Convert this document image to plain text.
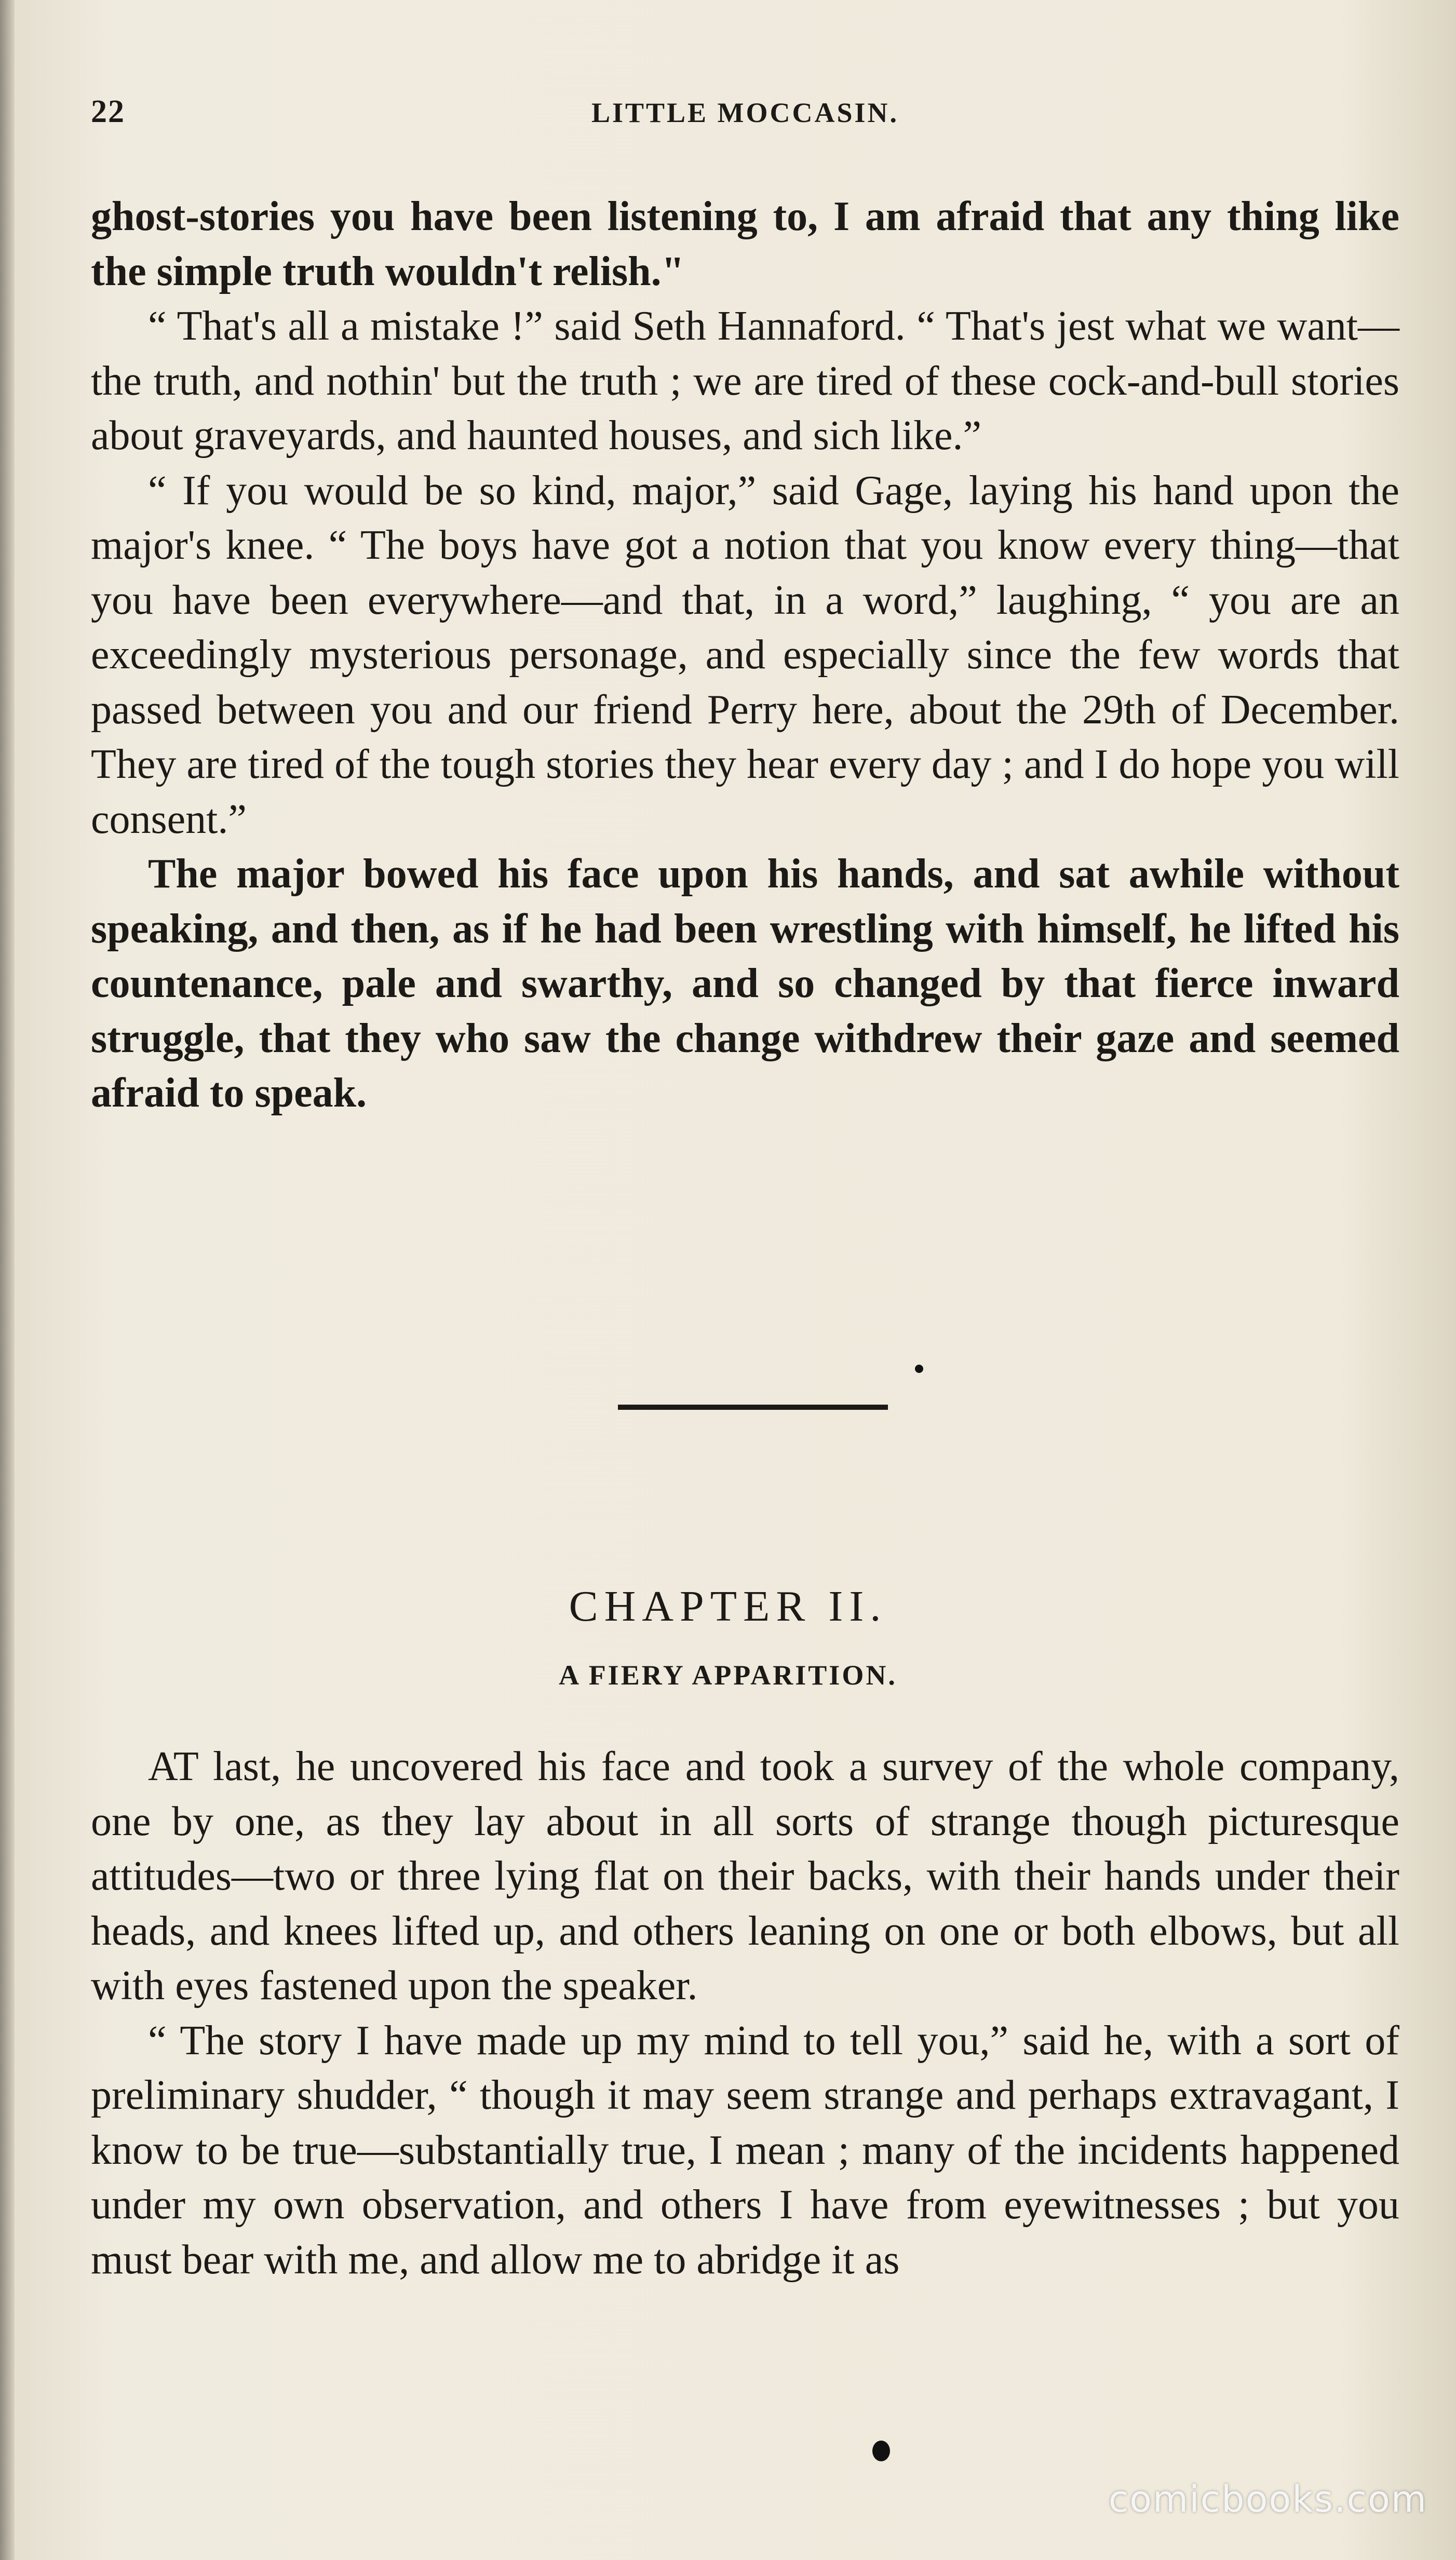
22	LITTLE MOCCASIN.

ghost-stories you have been listening to, I am afraid that any thing like the simple truth wouldn't relish."

“ That's all a mistake !” said Seth Hannaford. “ That's jest what we want—the truth, and nothin' but the truth ; we are tired of these cock-and-bull stories about graveyards, and haunted houses, and sich like.”

“ If you would be so kind, major,” said Gage, laying his hand upon the major's knee. “ The boys have got a notion that you know every thing—that you have been everywhere—and that, in a word,” laughing, “ you are an exceedingly mysterious personage, and especially since the few words that passed between you and our friend Perry here, about the 29th of December. They are tired of the tough stories they hear every day ; and I do hope you will consent.”

The major bowed his face upon his hands, and sat awhile without speaking, and then, as if he had been wrestling with himself, he lifted his countenance, pale and swarthy, and so changed by that fierce inward struggle, that they who saw the change withdrew their gaze and seemed afraid to speak.

CHAPTER II.
A FIERY APPARITION.

AT last, he uncovered his face and took a survey of the whole company, one by one, as they lay about in all sorts of strange though picturesque attitudes—two or three lying flat on their backs, with their hands under their heads, and knees lifted up, and others leaning on one or both elbows, but all with eyes fastened upon the speaker.

“ The story I have made up my mind to tell you,” said he, with a sort of preliminary shudder, “ though it may seem strange and perhaps extravagant, I know to be true—substantially true, I mean ; many of the incidents happened under my own observation, and others I have from eyewitnesses ; but you must bear with me, and allow me to abridge it as

comicbooks.com
